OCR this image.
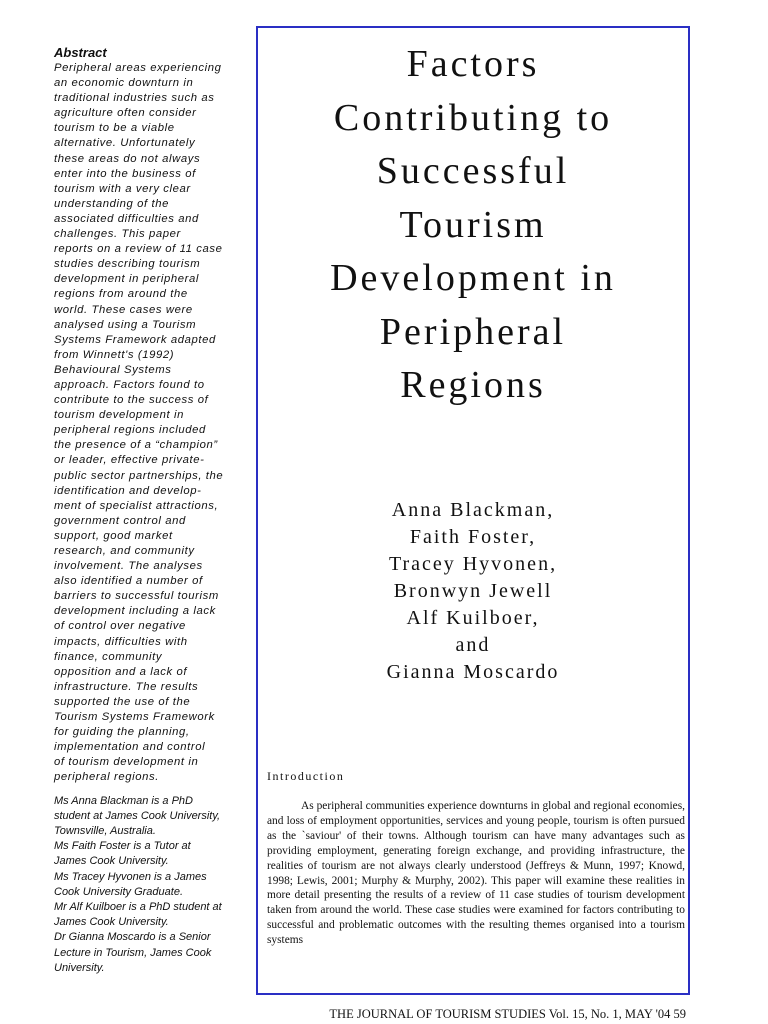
Abstract

Peripheral areas experiencing
an economic downturn in
traditional industries such as
agriculture often consider
tourism to be a viable
alternative. Unfortunately
these areas do not always
enter into the business of
tourism with a very clear
understanding of the
associated difficulties and
challenges. This paper
reports on a review of 11 case
studies describing tourism
development in peripheral
regions from around the
world. These cases were
analysed using a Tourism
Systems Framework adapted
from Winnett's (1992)
Behavioural Systems
approach. Factors found to
contribute to the success of
tourism development in
peripheral regions included
the presence of a “champion”
or leader, effective private-
public sector partnerships, the
identification and develop-
ment of specialist attractions,
government control and
support, good market
research, and community
involvement. The analyses
also identified a number of
barriers to successful tourism
development including a lack
of control over negative
impacts, difficulties with
finance, community
opposition and a lack of
infrastructure. The results
supported the use of the
Tourism Systems Framework
for guiding the planning,
implementation and control
of tourism development in
peripheral regions.

Ms Anna Blackman is a PhD
student at James Cook University,
Townsville, Australia.
Ms Faith Foster is a Tutor at
James Cook University.
Ms Tracey Hyvonen is a James
Cook University Graduate.
Mr Alf Kuilboer is a PhD student at
James Cook University.
Dr Gianna Moscardo is a Senior
Lecture in Tourism, James Cook
University.
Factors
Contributing to
Successful
Tourism
Development in
Peripheral
Regions
Anna Blackman,
Faith Foster,
Tracey Hyvonen,
Bronwyn Jewell
Alf Kuilboer,
and
Gianna Moscardo
Introduction

As peripheral communities experience downturns in global and regional economies, and loss of employment opportunities, services and young people, tourism is often pursued as the `saviour' of their towns. Although tourism can have many advantages such as providing employment, generating foreign exchange, and providing infrastructure, the realities of tourism are not always clearly understood (Jeffreys & Munn, 1997; Knowd, 1998; Lewis, 2001; Murphy & Murphy, 2002). This paper will examine these realities in more detail presenting the results of a review of 11 case studies of tourism development taken from around the world. These case studies were examined for factors contributing to successful and problematic outcomes with the resulting themes organised into a tourism systems

THE JOURNAL OF TOURISM STUDIES Vol. 15, No. 1, MAY '04 59
